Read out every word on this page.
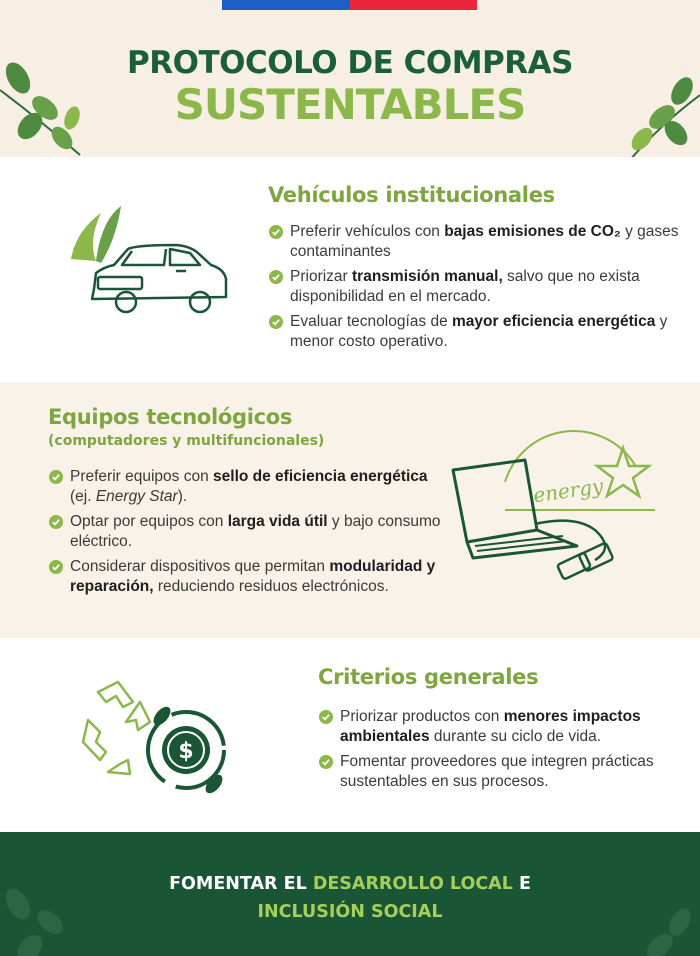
PROTOCOLO DE COMPRAS
SUSTENTABLES
Vehículos institucionales
Preferir vehículos con bajas emisiones de CO₂ y gases contaminantes
Priorizar transmisión manual, salvo que no exista disponibilidad en el mercado.
Evaluar tecnologías de mayor eficiencia energética y menor costo operativo.
Equipos tecnológicos
(computadores y multifuncionales)
Preferir equipos con sello de eficiencia energética (ej. Energy Star).
Optar por equipos con larga vida útil y bajo consumo eléctrico.
Considerar dispositivos que permitan modularidad y reparación, reduciendo residuos electrónicos.
energy
$
Criterios generales
Priorizar productos con menores impactos ambientales durante su ciclo de vida.
Fomentar proveedores que integren prácticas sustentables en sus procesos.
FOMENTAR EL DESARROLLO LOCAL E
INCLUSIÓN SOCIAL
